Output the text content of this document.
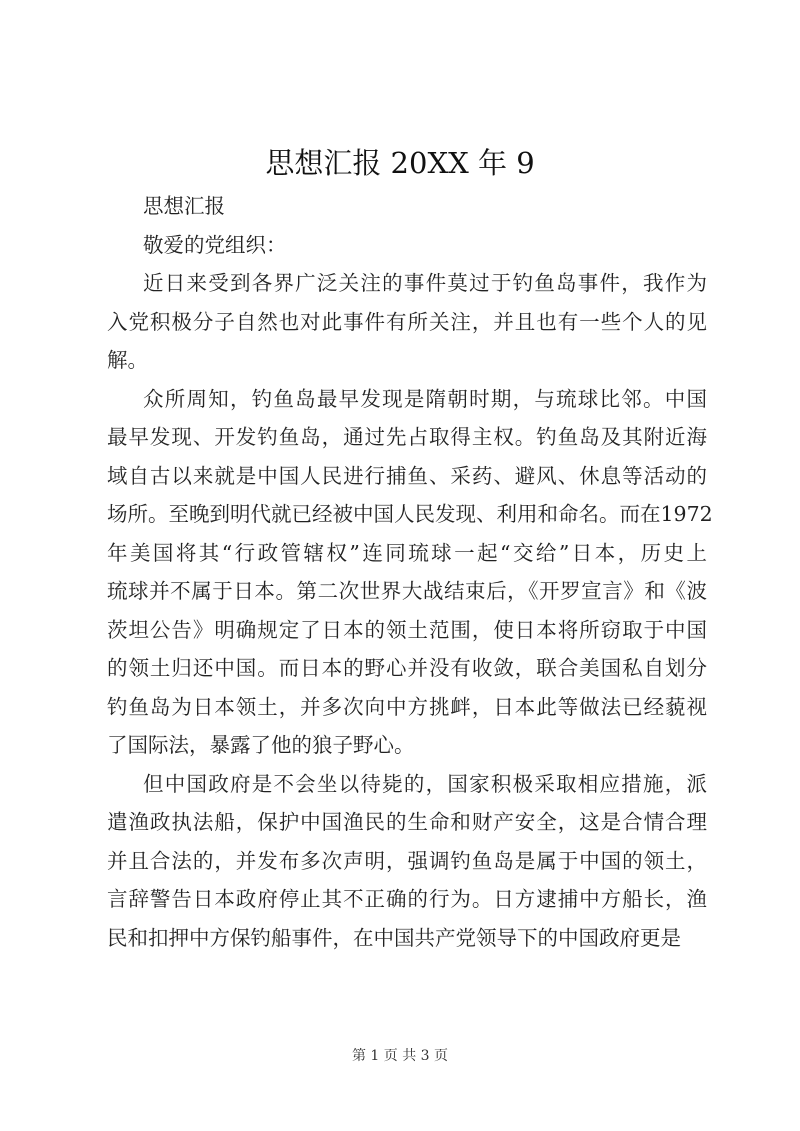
思想汇报 20XX 年 9
思想汇报
敬爱的党组织：
近日来受到各界广泛关注的事件莫过于钓鱼岛事件，我作为
入党积极分子自然也对此事件有所关注，并且也有一些个人的见
解。
众所周知，钓鱼岛最早发现是隋朝时期，与琉球比邻。中国
最早发现、开发钓鱼岛，通过先占取得主权。钓鱼岛及其附近海
域自古以来就是中国人民进行捕鱼、采药、避风、休息等活动的
场所。至晚到明代就已经被中国人民发现、利用和命名。而在1972
年美国将其“行政管辖权”连同琉球一起“交给”日本，历史上
琉球并不属于日本。第二次世界大战结束后，《开罗宣言》和《波
茨坦公告》明确规定了日本的领土范围，使日本将所窃取于中国
的领土归还中国。而日本的野心并没有收敛，联合美国私自划分
钓鱼岛为日本领土，并多次向中方挑衅，日本此等做法已经藐视
了国际法，暴露了他的狼子野心。
但中国政府是不会坐以待毙的，国家积极采取相应措施，派
遣渔政执法船，保护中国渔民的生命和财产安全，这是合情合理
并且合法的，并发布多次声明，强调钓鱼岛是属于中国的领土，
言辞警告日本政府停止其不正确的行为。日方逮捕中方船长，渔
民和扣押中方保钓船事件，在中国共产党领导下的中国政府更是
第 1 页 共 3 页
